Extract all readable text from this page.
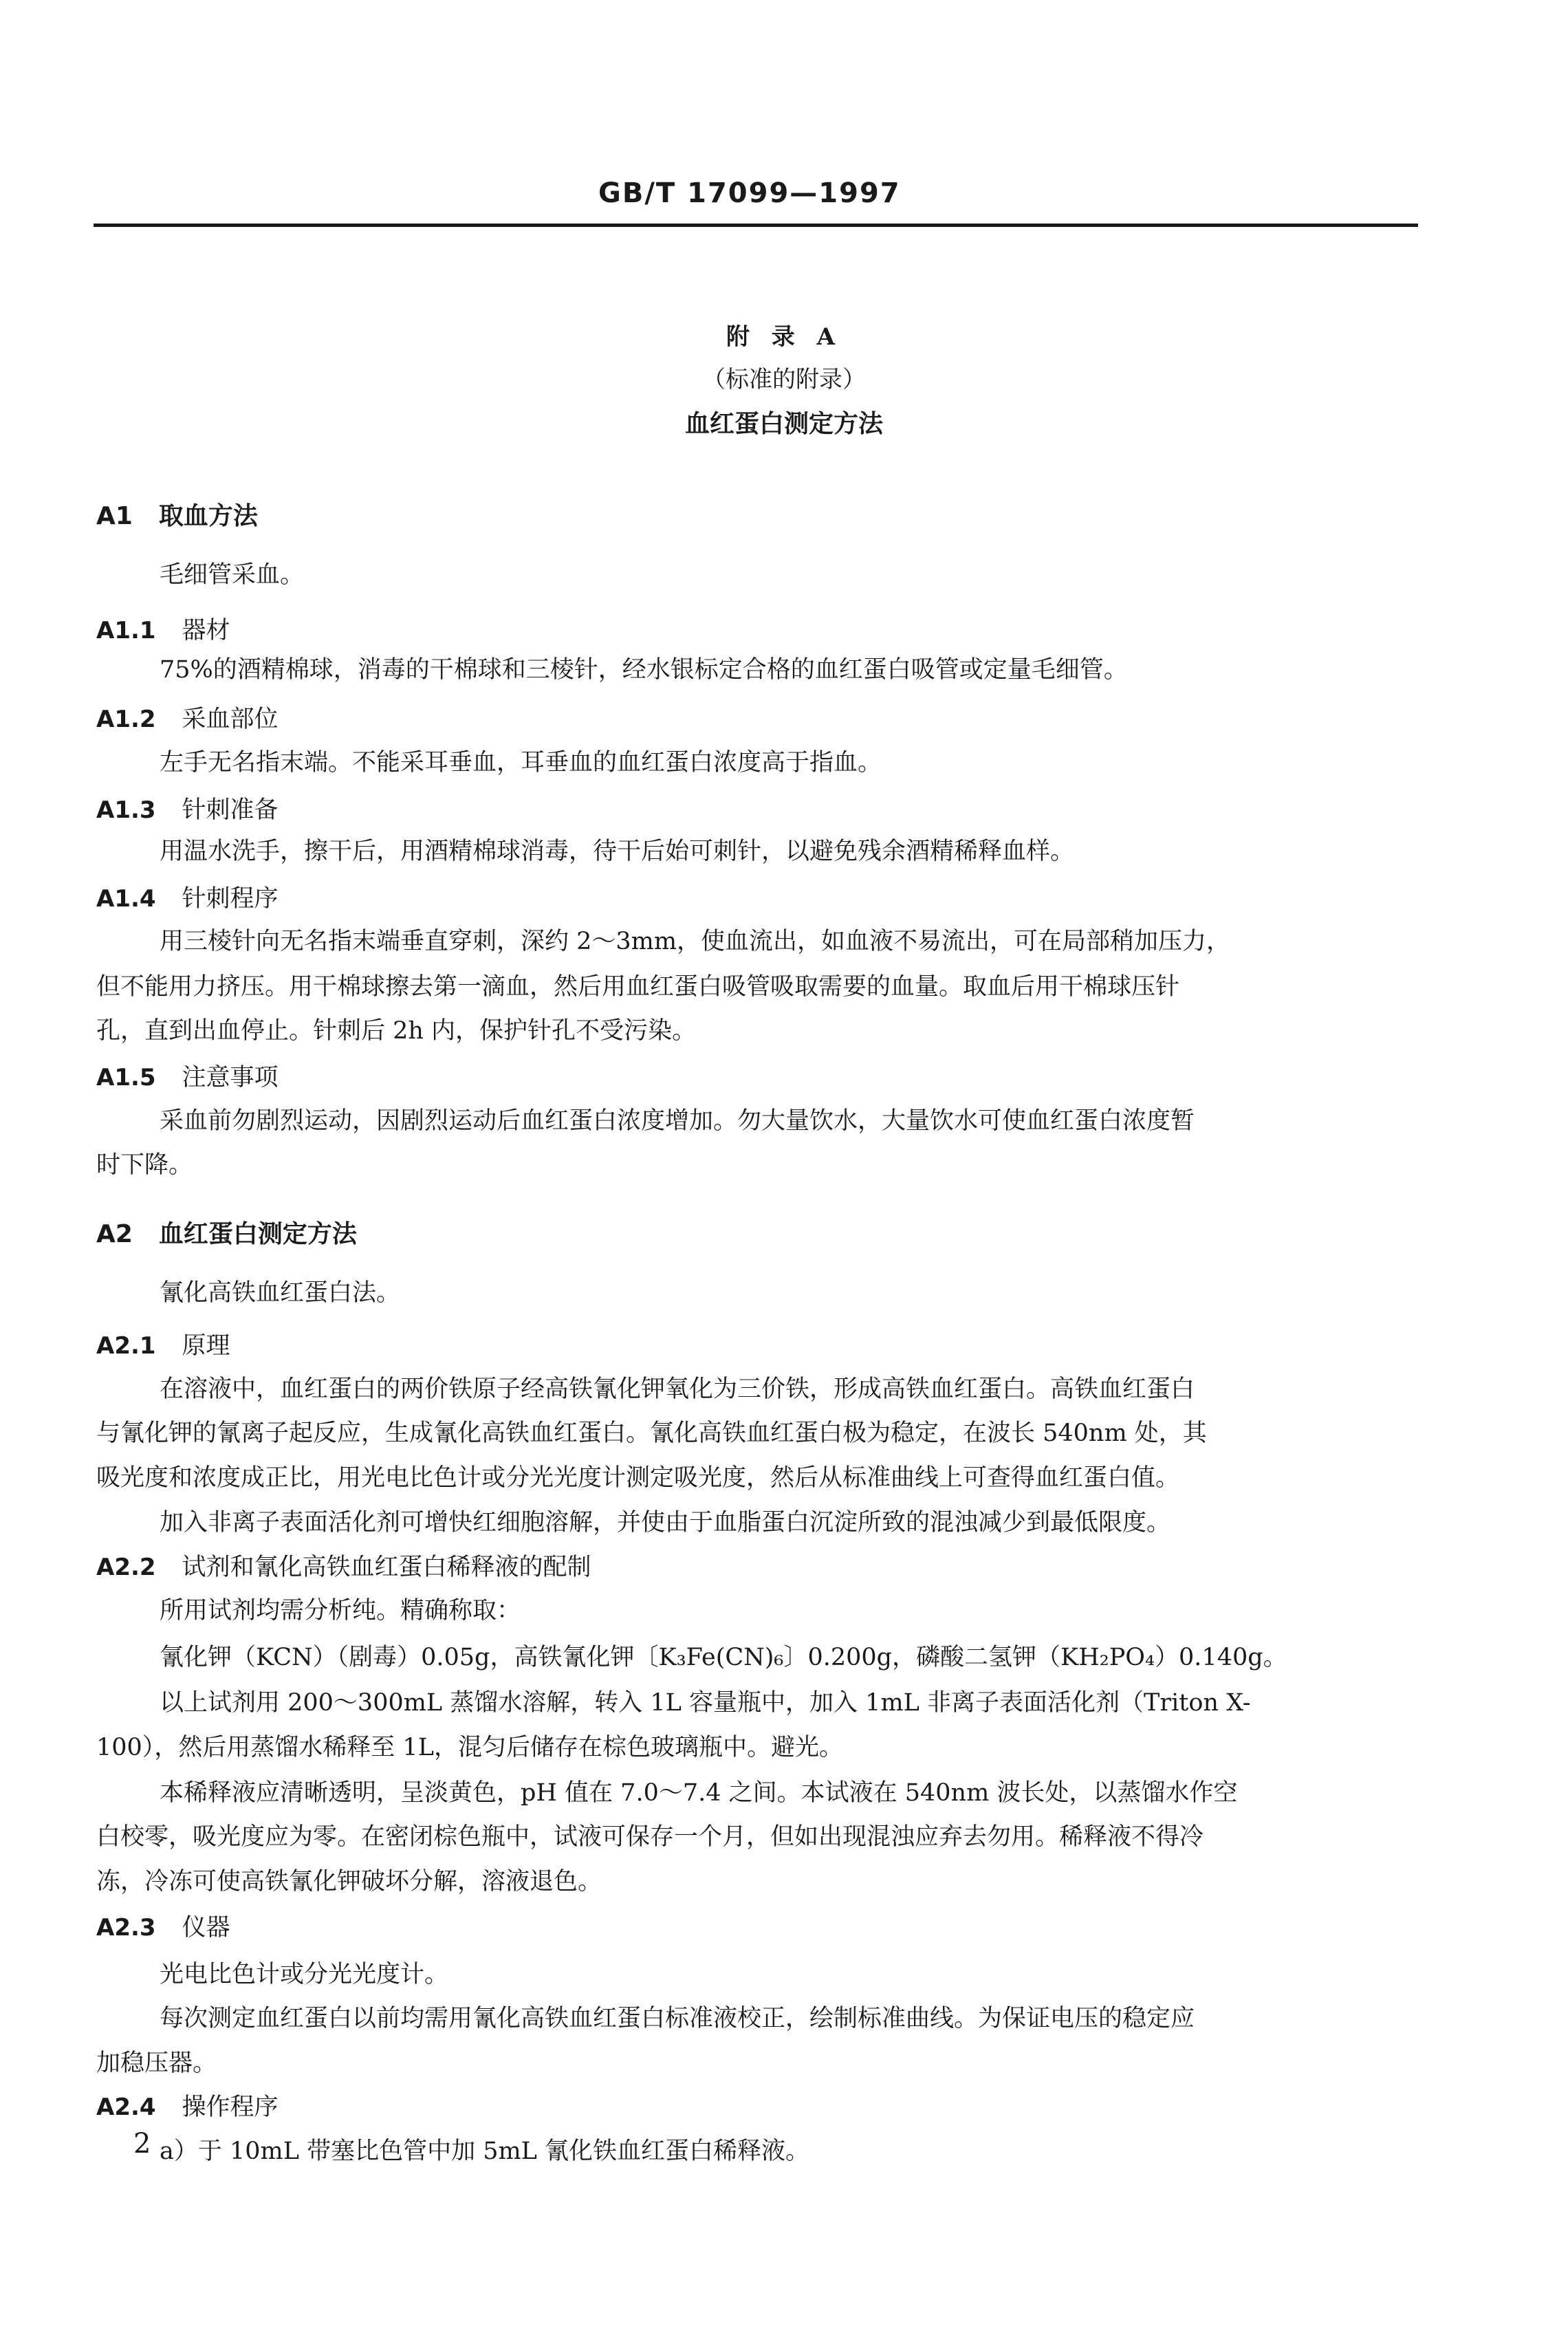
GB/T 17099—1997
附 录 A
（标准的附录）
血红蛋白测定方法
A1 取血方法
毛细管采血。
A1.1 器材
75%的酒精棉球，消毒的干棉球和三棱针，经水银标定合格的血红蛋白吸管或定量毛细管。
A1.2 采血部位
左手无名指末端。不能采耳垂血，耳垂血的血红蛋白浓度高于指血。
A1.3 针刺准备
用温水洗手，擦干后，用酒精棉球消毒，待干后始可刺针，以避免残余酒精稀释血样。
A1.4 针刺程序
用三棱针向无名指末端垂直穿刺，深约 2～3mm，使血流出，如血液不易流出，可在局部稍加压力，
但不能用力挤压。用干棉球擦去第一滴血，然后用血红蛋白吸管吸取需要的血量。取血后用干棉球压针
孔，直到出血停止。针刺后 2h 内，保护针孔不受污染。
A1.5 注意事项
采血前勿剧烈运动，因剧烈运动后血红蛋白浓度增加。勿大量饮水，大量饮水可使血红蛋白浓度暂
时下降。
A2 血红蛋白测定方法
氰化高铁血红蛋白法。
A2.1 原理
在溶液中，血红蛋白的两价铁原子经高铁氰化钾氧化为三价铁，形成高铁血红蛋白。高铁血红蛋白
与氰化钾的氰离子起反应，生成氰化高铁血红蛋白。氰化高铁血红蛋白极为稳定，在波长 540nm 处，其
吸光度和浓度成正比，用光电比色计或分光光度计测定吸光度，然后从标准曲线上可查得血红蛋白值。
加入非离子表面活化剂可增快红细胞溶解，并使由于血脂蛋白沉淀所致的混浊减少到最低限度。
A2.2 试剂和氰化高铁血红蛋白稀释液的配制
所用试剂均需分析纯。精确称取：
氰化钾（KCN）（剧毒）0.05g，高铁氰化钾〔K₃Fe(CN)₆〕0.200g，磷酸二氢钾（KH₂PO₄）0.140g。
以上试剂用 200～300mL 蒸馏水溶解，转入 1L 容量瓶中，加入 1mL 非离子表面活化剂（Triton X-
100），然后用蒸馏水稀释至 1L，混匀后储存在棕色玻璃瓶中。避光。
本稀释液应清晰透明，呈淡黄色，pH 值在 7.0～7.4 之间。本试液在 540nm 波长处，以蒸馏水作空
白校零，吸光度应为零。在密闭棕色瓶中，试液可保存一个月，但如出现混浊应弃去勿用。稀释液不得冷
冻，冷冻可使高铁氰化钾破坏分解，溶液退色。
A2.3 仪器
光电比色计或分光光度计。
每次测定血红蛋白以前均需用氰化高铁血红蛋白标准液校正，绘制标准曲线。为保证电压的稳定应
加稳压器。
A2.4 操作程序
a）于 10mL 带塞比色管中加 5mL 氰化铁血红蛋白稀释液。
2
